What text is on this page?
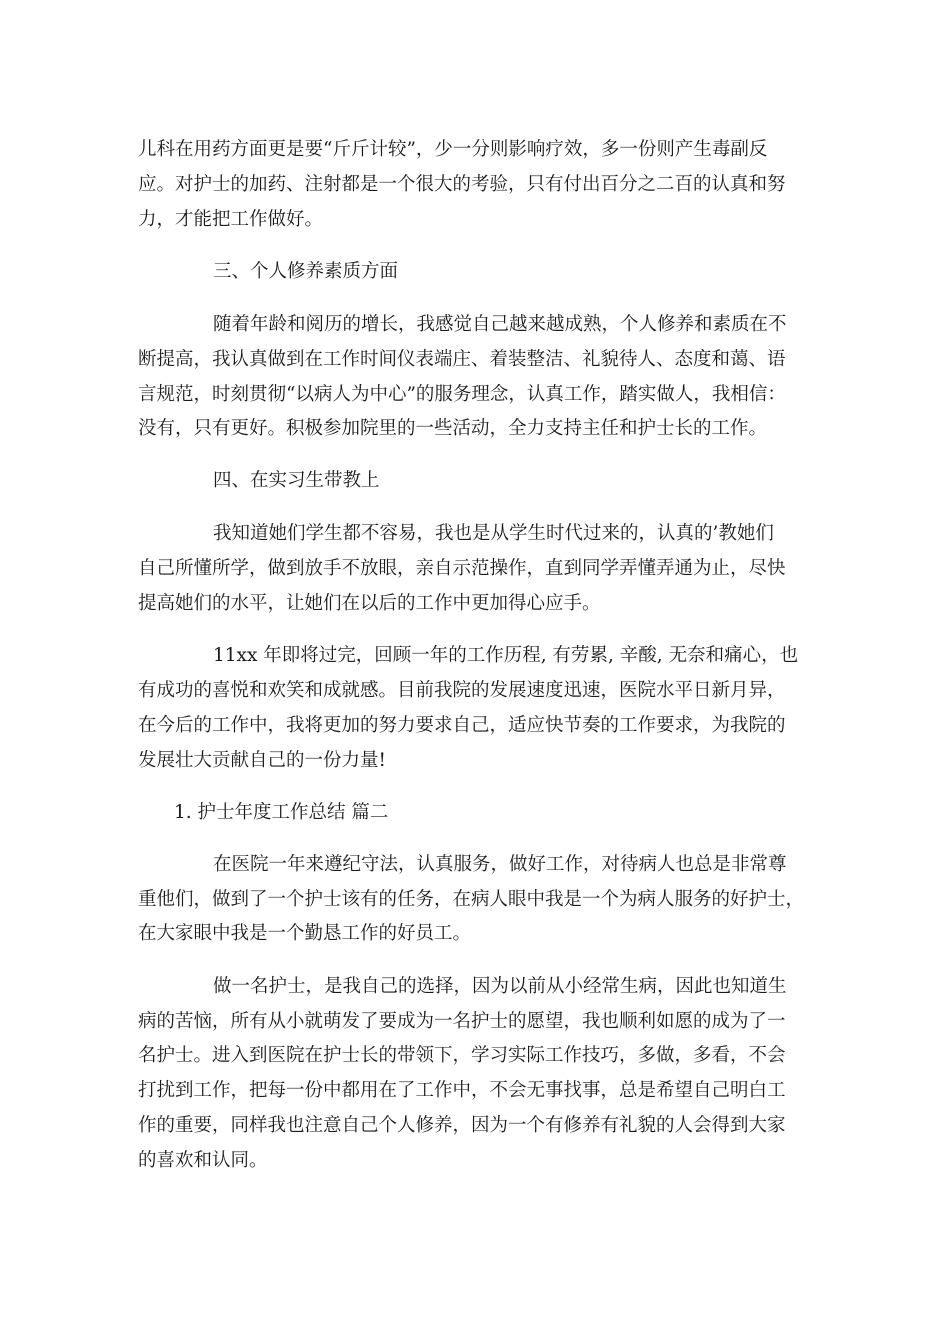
儿科在用药方面更是要“斤斤计较”，少一分则影响疗效，多一份则产生毒副反
应。对护士的加药、注射都是一个很大的考验，只有付出百分之二百的认真和努
力，才能把工作做好。
三、个人修养素质方面
随着年龄和阅历的增长，我感觉自己越来越成熟，个人修养和素质在不
断提高，我认真做到在工作时间仪表端庄、着装整洁、礼貌待人、态度和蔼、语
言规范，时刻贯彻“以病人为中心”的服务理念，认真工作，踏实做人，我相信：
没有，只有更好。积极参加院里的一些活动，全力支持主任和护士长的工作。
四、在实习生带教上
我知道她们学生都不容易，我也是从学生时代过来的，认真的’教她们
自己所懂所学，做到放手不放眼，亲自示范操作，直到同学弄懂弄通为止，尽快
提高她们的水平，让她们在以后的工作中更加得心应手。
11xx 年即将过完，回顾一年的工作历程, 有劳累, 辛酸, 无奈和痛心，也
有成功的喜悦和欢笑和成就感。目前我院的发展速度迅速，医院水平日新月异，
在今后的工作中，我将更加的努力要求自己，适应快节奏的工作要求，为我院的
发展壮大贡献自己的一份力量!
1. 护士年度工作总结 篇二
在医院一年来遵纪守法，认真服务，做好工作，对待病人也总是非常尊
重他们，做到了一个护士该有的任务，在病人眼中我是一个为病人服务的好护士，
在大家眼中我是一个勤恳工作的好员工。
做一名护士，是我自己的选择，因为以前从小经常生病，因此也知道生
病的苦恼，所有从小就萌发了要成为一名护士的愿望，我也顺利如愿的成为了一
名护士。进入到医院在护士长的带领下，学习实际工作技巧，多做，多看，不会
打扰到工作，把每一份中都用在了工作中，不会无事找事，总是希望自己明白工
作的重要，同样我也注意自己个人修养，因为一个有修养有礼貌的人会得到大家
的喜欢和认同。
